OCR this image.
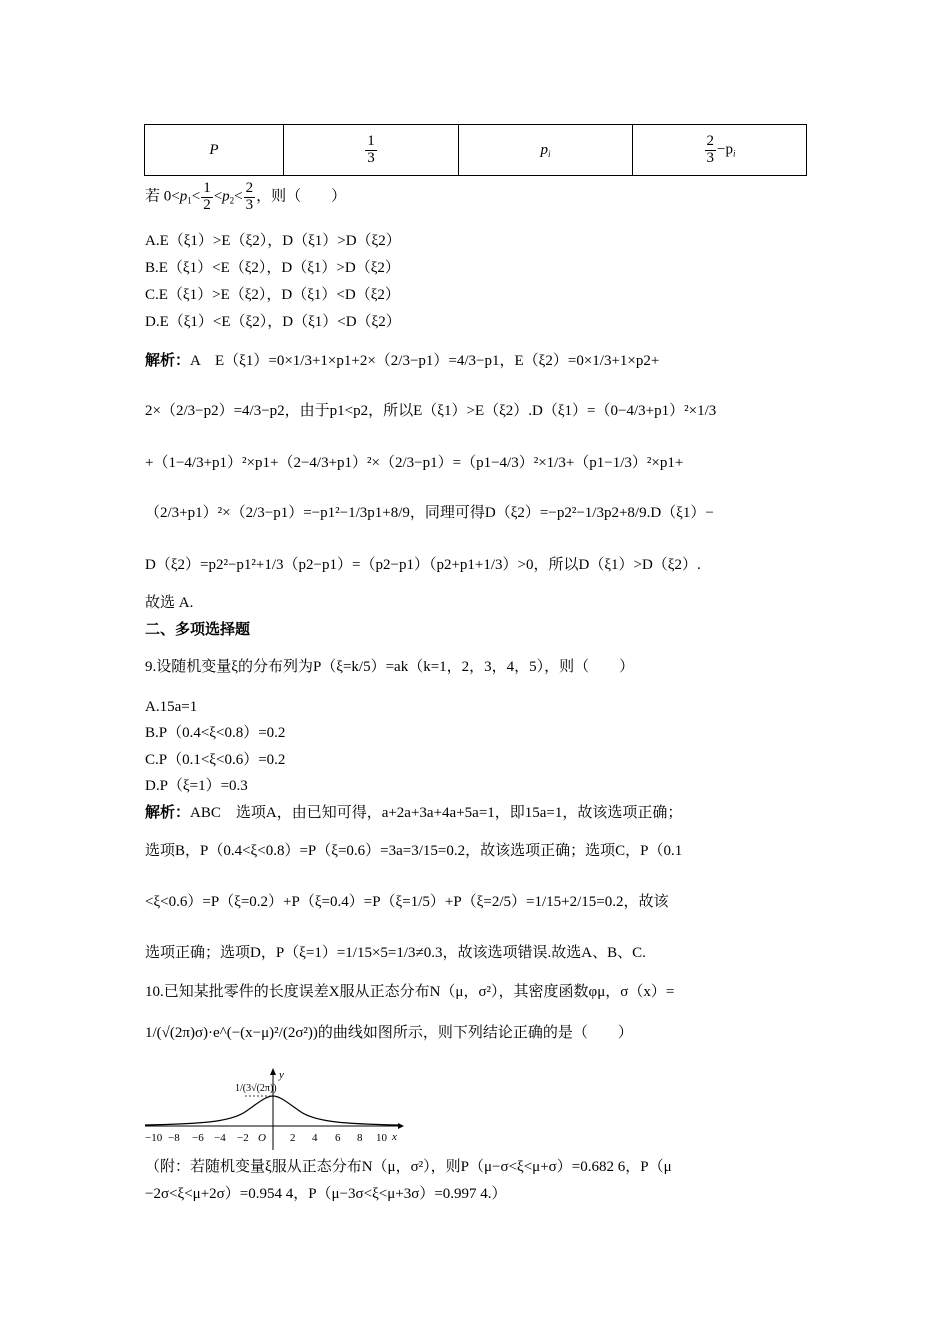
P	$\frac{1}{3}$	$p_i$	$\frac{2}{3} -p_i$
若 $0<p_1< \frac{1}{2} <p_2< \frac{2}{3}$ ，则（　　）
A.E（ξ1）>E（ξ2），D（ξ1）>D（ξ2）
B.E（ξ1）<E（ξ2），D（ξ1）>D（ξ2）
C.E（ξ1）>E（ξ2），D（ξ1）<D（ξ2）
D.E（ξ1）<E（ξ2），D（ξ1）<D（ξ2）
解析：A　E（ξ1）=0×1/3+1×p1+2×（2/3−p1）=4/3−p1，E（ξ2）=0×1/3+1×p2+
2×（2/3−p2）=4/3−p2，由于p1<p2，所以E（ξ1）>E（ξ2）.D（ξ1）=（0−4/3+p1）²×1/3
+（1−4/3+p1）²×p1+（2−4/3+p1）²×（2/3−p1）=（p1−4/3）²×1/3+（p1−1/3）²×p1+
（2/3+p1）²×（2/3−p1）=−p1²−1/3p1+8/9，同理可得D（ξ2）=−p2²−1/3p2+8/9.D（ξ1）−
D（ξ2）=p2²−p1²+1/3（p2−p1）=（p2−p1）（p2+p1+1/3）>0，所以D（ξ1）>D（ξ2）.
故选 A.
二、多项选择题
9.设随机变量ξ的分布列为P（ξ=k/5）=ak（k=1，2，3，4，5），则（　　）
A.15a=1
B.P（0.4<ξ<0.8）=0.2
C.P（0.1<ξ<0.6）=0.2
D.P（ξ=1）=0.3
解析：ABC　选项A，由已知可得，a+2a+3a+4a+5a=1，即15a=1，故该选项正确；
选项B，P（0.4<ξ<0.8）=P（ξ=0.6）=3a=3/15=0.2，故该选项正确；选项C，P（0.1
<ξ<0.6）=P（ξ=0.2）+P（ξ=0.4）=P（ξ=1/5）+P（ξ=2/5）=1/15+2/15=0.2，故该
选项正确；选项D，P（ξ=1）=1/15×5=1/3≠0.3，故该选项错误.故选A、B、C.
10.已知某批零件的长度误差X服从正态分布N（μ，σ²），其密度函数φμ，σ（x）=
1/(√(2π)σ)·e^(−(x−μ)²/(2σ²))的曲线如图所示，则下列结论正确的是（　　）
1/(3√(2π))
y
x
O
−10 −8 −6 −4 −2	2 4 6 8 10
（附：若随机变量ξ服从正态分布N（μ，σ²），则P（μ−σ<ξ<μ+σ）=0.682 6，P（μ
−2σ<ξ<μ+2σ）=0.954 4，P（μ−3σ<ξ<μ+3σ）=0.997 4.）
